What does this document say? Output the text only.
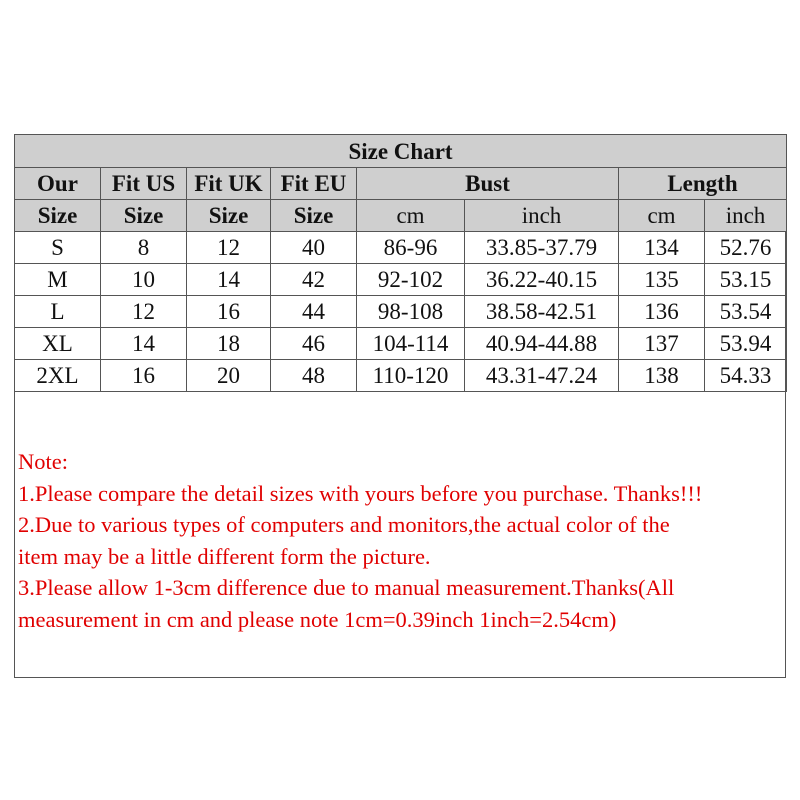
Size Chart							
Our	Fit US	Fit UK	Fit EU	Bust		Length	
Size	Size	Size	Size	cm	inch	cm	inch
S	8	12	40	86-96	33.85-37.79	134	52.76
M	10	14	42	92-102	36.22-40.15	135	53.15
L	12	16	44	98-108	38.58-42.51	136	53.54
XL	14	18	46	104-114	40.94-44.88	137	53.94
2XL	16	20	48	110-120	43.31-47.24	138	54.33
Note:
1.Please compare the detail sizes with yours before you purchase. Thanks!!!
2.Due to various types of computers and monitors,the actual color of the
item may be a little different form the picture.
3.Please allow 1-3cm difference due to manual measurement.Thanks(All
measurement in cm and please note 1cm=0.39inch 1inch=2.54cm)
